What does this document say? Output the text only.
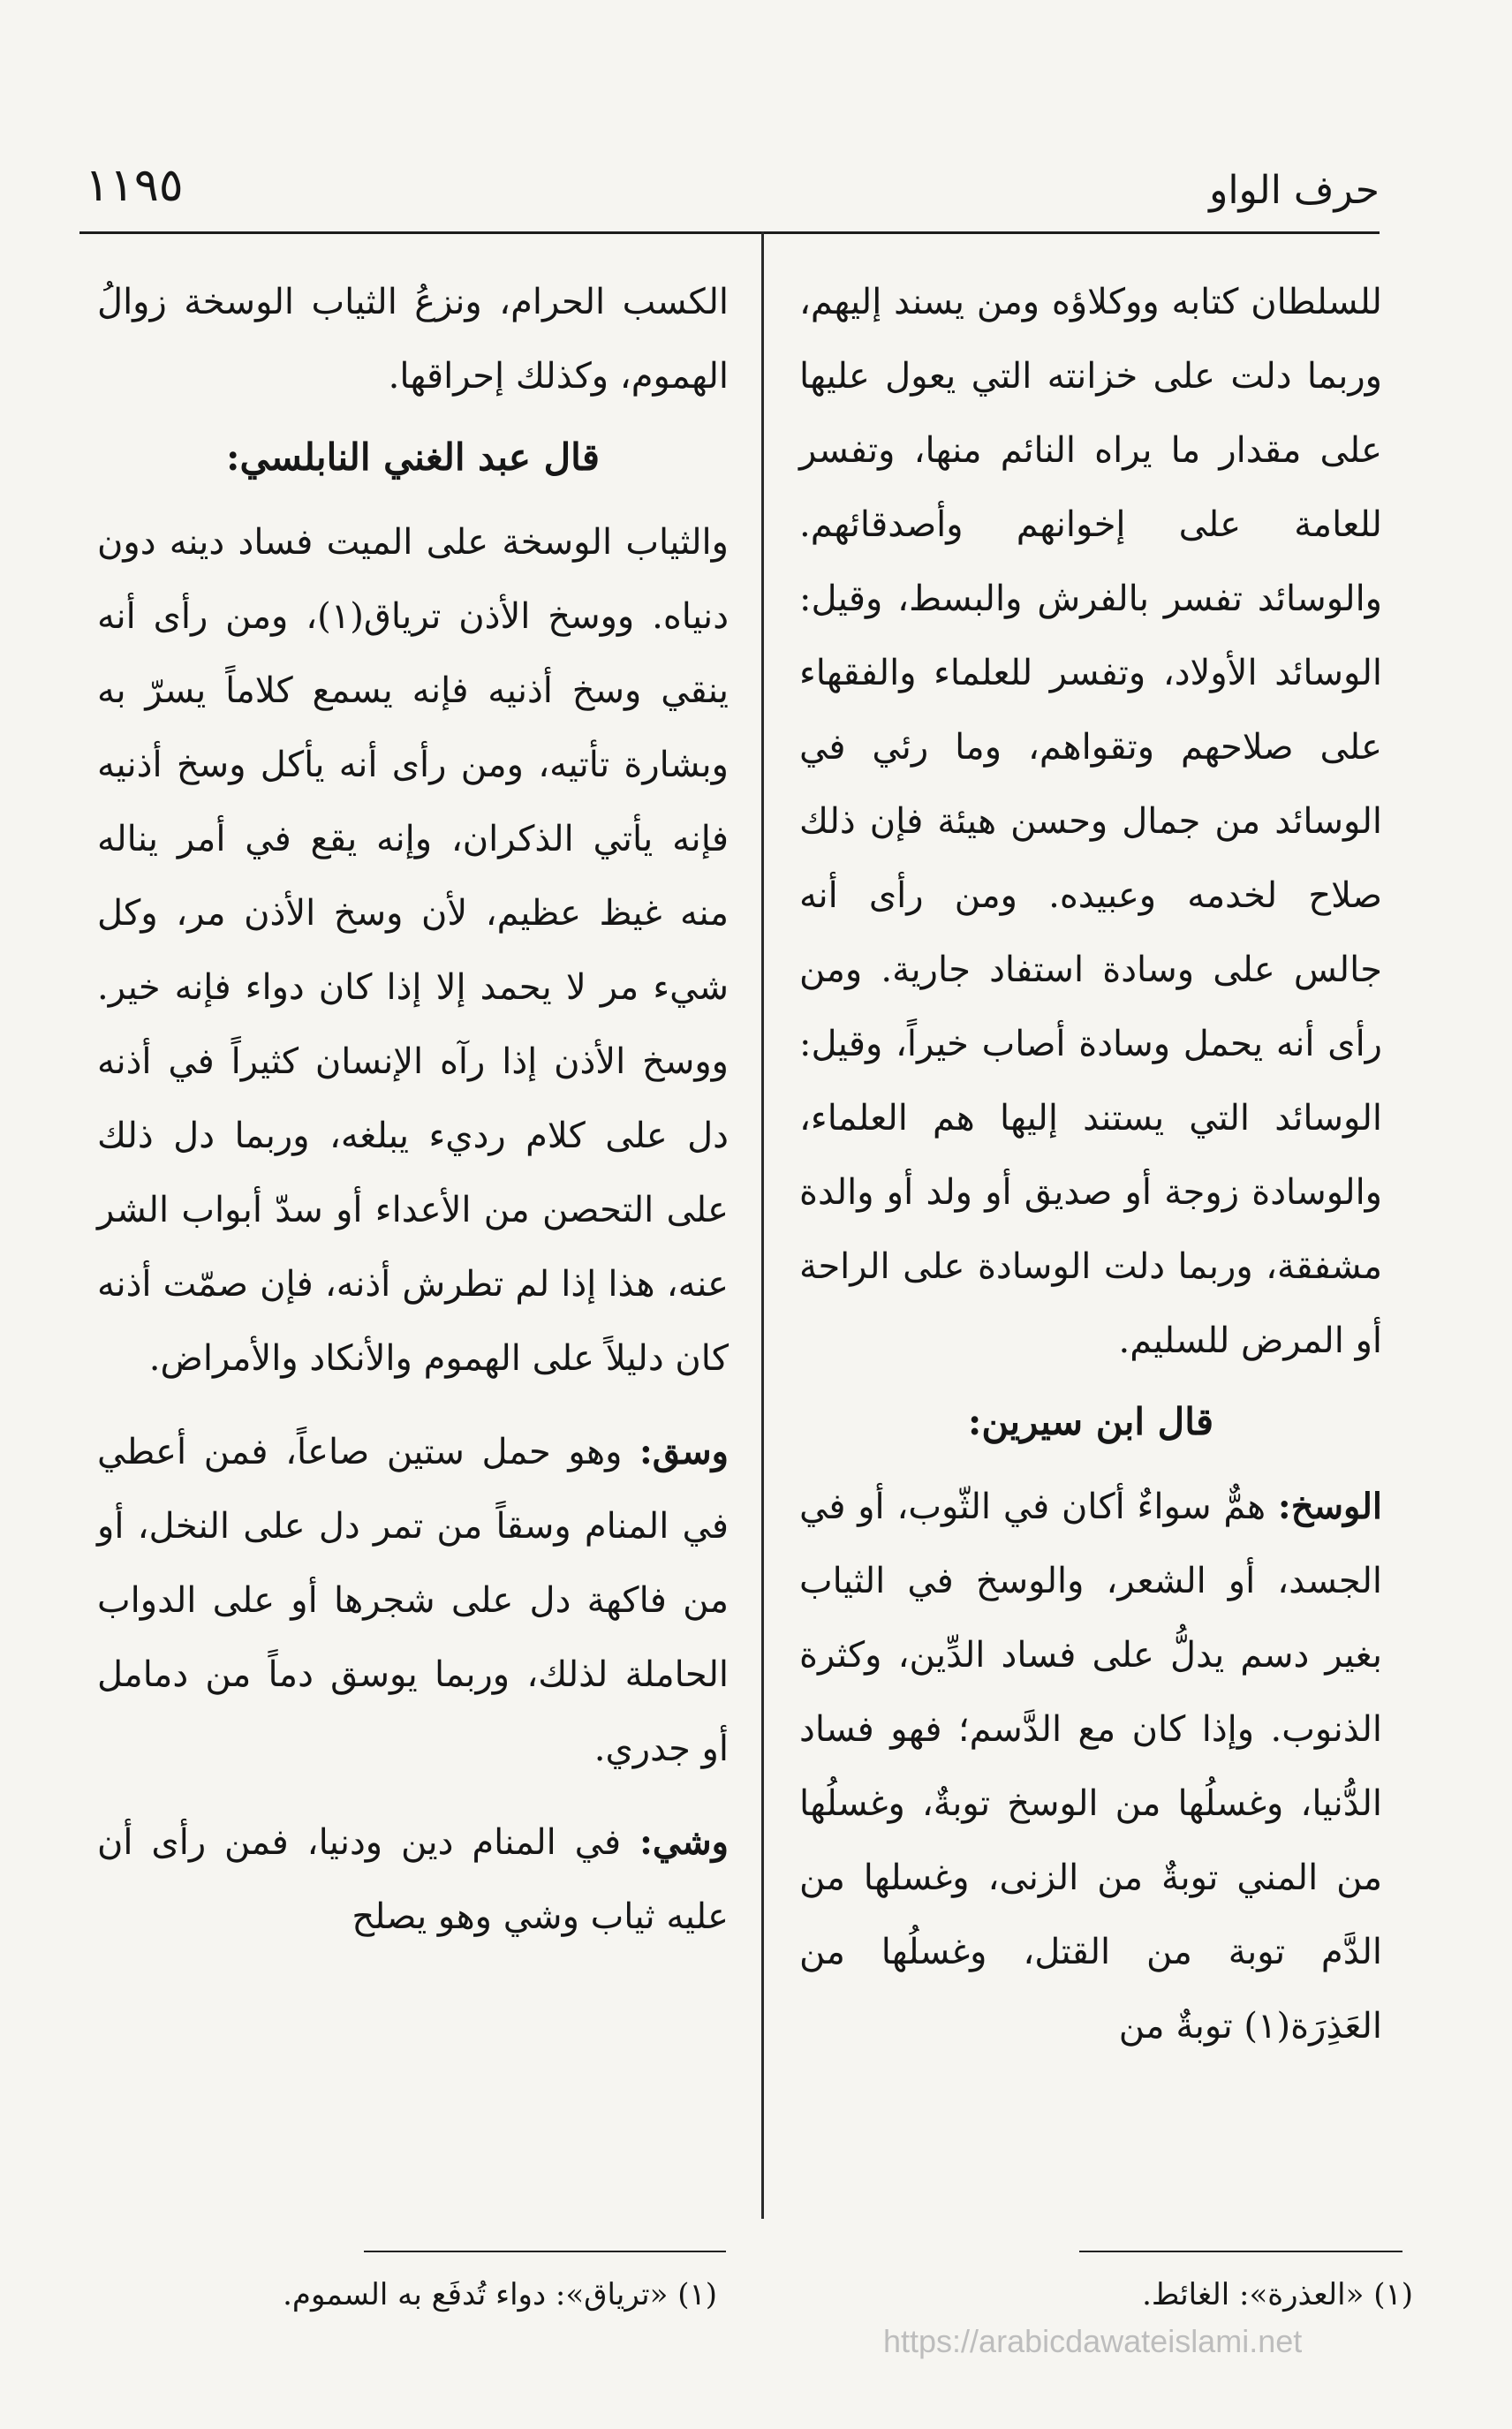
حرف الواو
١١٩٥

للسلطان كتابه ووكلاؤه ومن يسند إليهم، وربما دلت على خزانته التي يعول عليها على مقدار ما يراه النائم منها، وتفسر للعامة على إخوانهم وأصدقائهم. والوسائد تفسر بالفرش والبسط، وقيل: الوسائد الأولاد، وتفسر للعلماء والفقهاء على صلاحهم وتقواهم، وما رئي في الوسائد من جمال وحسن هيئة فإن ذلك صلاح لخدمه وعبيده. ومن رأى أنه جالس على وسادة استفاد جارية. ومن رأى أنه يحمل وسادة أصاب خيراً، وقيل: الوسائد التي يستند إليها هم العلماء، والوسادة زوجة أو صديق أو ولد أو والدة مشفقة، وربما دلت الوسادة على الراحة أو المرض للسليم.

قال ابن سيرين:

الوسخ: همٌّ سواءٌ أكان في الثّوب، أو في الجسد، أو الشعر، والوسخ في الثياب بغير دسم يدلُّ على فساد الدِّين، وكثرة الذنوب. وإذا كان مع الدَّسم؛ فهو فساد الدُّنيا، وغسلُها من الوسخ توبةٌ، وغسلُها من المني توبةٌ من الزنى، وغسلها من الدَّم توبة من القتل، وغسلُها من العَذِرَة(١) توبةٌ من

الكسب الحرام، ونزعُ الثياب الوسخة زوالُ الهموم، وكذلك إحراقها.

قال عبد الغني النابلسي:

والثياب الوسخة على الميت فساد دينه دون دنياه. ووسخ الأذن ترياق(١)، ومن رأى أنه ينقي وسخ أذنيه فإنه يسمع كلاماً يسرّ به وبشارة تأتيه، ومن رأى أنه يأكل وسخ أذنيه فإنه يأتي الذكران، وإنه يقع في أمر يناله منه غيظ عظيم، لأن وسخ الأذن مر، وكل شيء مر لا يحمد إلا إذا كان دواء فإنه خير. ووسخ الأذن إذا رآه الإنسان كثيراً في أذنه دل على كلام رديء يبلغه، وربما دل ذلك على التحصن من الأعداء أو سدّ أبواب الشر عنه، هذا إذا لم تطرش أذنه، فإن صمّت أذنه كان دليلاً على الهموم والأنكاد والأمراض.

وسق: وهو حمل ستين صاعاً، فمن أعطي في المنام وسقاً من تمر دل على النخل، أو من فاكهة دل على شجرها أو على الدواب الحاملة لذلك، وربما يوسق دماً من دمامل أو جدري.

وشي: في المنام دين ودنيا، فمن رأى أن عليه ثياب وشي وهو يصلح

(١) «العذرة»: الغائط.
(١) «ترياق»: دواء تُدفَع به السموم.
https://arabicdawateislami.net
